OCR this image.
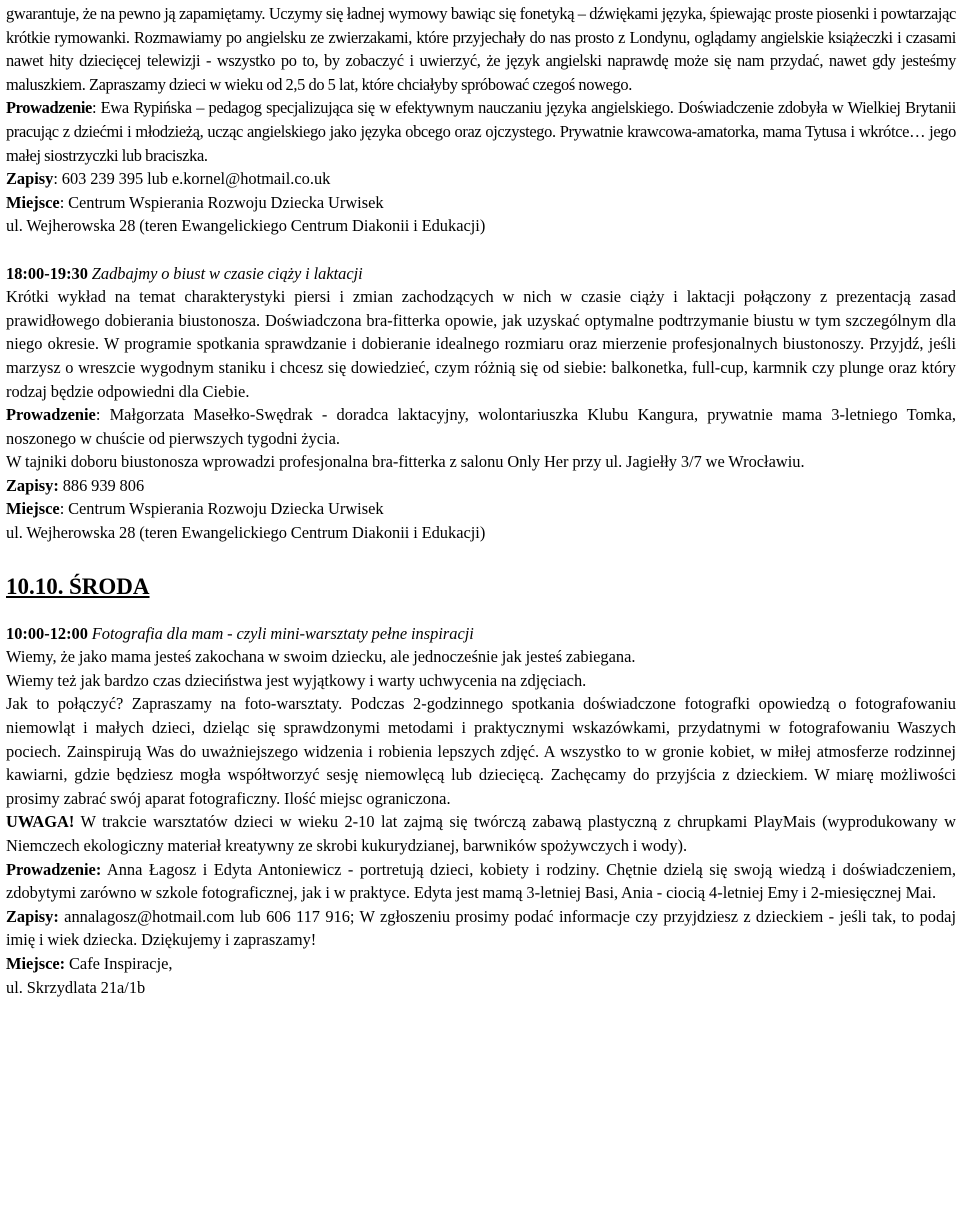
gwarantuje, że na pewno ją zapamiętamy. Uczymy się ładnej wymowy bawiąc się fonetyką – dźwiękami języka, śpiewając proste piosenki i powtarzając krótkie rymowanki. Rozmawiamy po angielsku ze zwierzakami, które przyjechały do nas prosto z Londynu, oglądamy angielskie książeczki i czasami nawet hity dziecięcej telewizji - wszystko po to, by zobaczyć i uwierzyć, że język angielski naprawdę może się nam przydać, nawet gdy jesteśmy maluszkiem. Zapraszamy dzieci w wieku od 2,5 do 5 lat, które chciałyby spróbować czegoś nowego.

Prowadzenie: Ewa Rypińska – pedagog specjalizująca się w efektywnym nauczaniu języka angielskiego. Doświadczenie zdobyła w Wielkiej Brytanii pracując z dziećmi i młodzieżą, ucząc angielskiego jako języka obcego oraz ojczystego. Prywatnie krawcowa-amatorka, mama Tytusa i wkrótce… jego małej siostrzyczki lub braciszka.

Zapisy: 603 239 395 lub e.kornel@hotmail.co.uk

Miejsce: Centrum Wspierania Rozwoju Dziecka Urwisek

ul. Wejherowska 28 (teren Ewangelickiego Centrum Diakonii i Edukacji)

18:00-19:30 Zadbajmy o biust w czasie ciąży i laktacji

Krótki wykład na temat charakterystyki piersi i zmian zachodzących w nich w czasie ciąży i laktacji połączony z prezentacją zasad prawidłowego dobierania biustonosza. Doświadczona bra-fitterka opowie, jak uzyskać optymalne podtrzymanie biustu w tym szczególnym dla niego okresie. W programie spotkania sprawdzanie i dobieranie idealnego rozmiaru oraz mierzenie profesjonalnych biustonoszy. Przyjdź, jeśli marzysz o wreszcie wygodnym staniku i chcesz się dowiedzieć, czym różnią się od siebie: balkonetka, full-cup, karmnik czy plunge oraz który rodzaj będzie odpowiedni dla Ciebie.

Prowadzenie: Małgorzata Masełko-Swędrak - doradca laktacyjny, wolontariuszka Klubu Kangura, prywatnie mama 3-letniego Tomka, noszonego w chuście od pierwszych tygodni życia.

W tajniki doboru biustonosza wprowadzi profesjonalna bra-fitterka z salonu Only Her przy ul. Jagiełły 3/7 we Wrocławiu.

Zapisy: 886 939 806

Miejsce: Centrum Wspierania Rozwoju Dziecka Urwisek

ul. Wejherowska 28 (teren Ewangelickiego Centrum Diakonii i Edukacji)

10.10. ŚRODA

10:00-12:00 Fotografia dla mam - czyli mini-warsztaty pełne inspiracji

Wiemy, że jako mama jesteś zakochana w swoim dziecku, ale jednocześnie jak jesteś zabiegana.

Wiemy też jak bardzo czas dzieciństwa jest wyjątkowy i warty uchwycenia na zdjęciach.

Jak to połączyć? Zapraszamy na foto-warsztaty. Podczas 2-godzinnego spotkania doświadczone fotografki opowiedzą o fotografowaniu niemowląt i małych dzieci, dzieląc się sprawdzonymi metodami i praktycznymi wskazówkami, przydatnymi w fotografowaniu Waszych pociech. Zainspirują Was do uważniejszego widzenia i robienia lepszych zdjęć. A wszystko to w gronie kobiet, w miłej atmosferze rodzinnej kawiarni, gdzie będziesz mogła współtworzyć sesję niemowlęcą lub dziecięcą. Zachęcamy do przyjścia z dzieckiem. W miarę możliwości prosimy zabrać swój aparat fotograficzny. Ilość miejsc ograniczona.

UWAGA! W trakcie warsztatów dzieci w wieku 2-10 lat zajmą się twórczą zabawą plastyczną z chrupkami PlayMais (wyprodukowany w Niemczech ekologiczny materiał kreatywny ze skrobi kukurydzianej, barwników spożywczych i wody).

Prowadzenie: Anna Łagosz i Edyta Antoniewicz - portretują dzieci, kobiety i rodziny. Chętnie dzielą się swoją wiedzą i doświadczeniem, zdobytymi zarówno w szkole fotograficznej, jak i w praktyce. Edyta jest mamą 3-letniej Basi, Ania - ciocią 4-letniej Emy i 2-miesięcznej Mai.

Zapisy: annalagosz@hotmail.com lub 606 117 916; W zgłoszeniu prosimy podać informacje czy przyjdziesz z dzieckiem - jeśli tak, to podaj imię i wiek dziecka. Dziękujemy i zapraszamy!

Miejsce: Cafe Inspiracje,

ul. Skrzydlata 21a/1b
